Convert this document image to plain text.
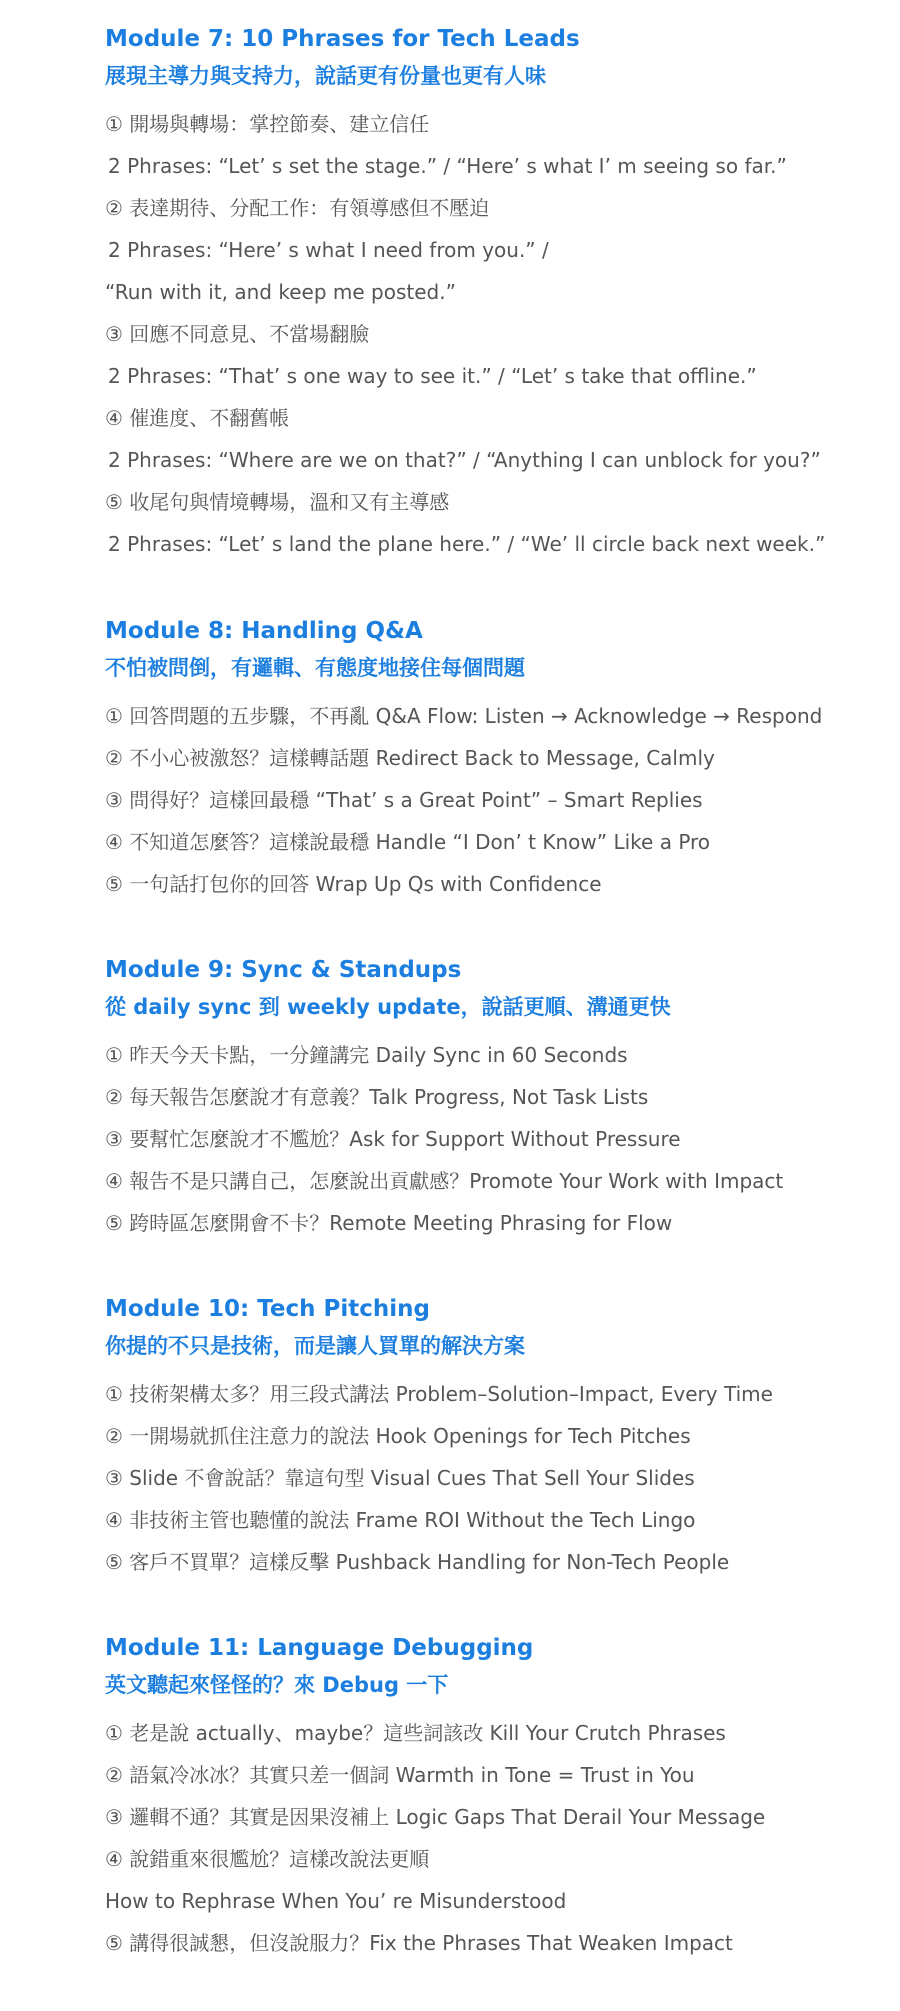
Module 7: 10 Phrases for Tech Leads
展現主導力與支持力，說話更有份量也更有人味
① 開場與轉場：掌控節奏、建立信任
2 Phrases: “Let’ s set the stage.” / “Here’ s what I’ m seeing so far.”
② 表達期待、分配工作：有領導感但不壓迫
2 Phrases: “Here’ s what I need from you.” /
“Run with it, and keep me posted.”
③ 回應不同意見、不當場翻臉
2 Phrases: “That’ s one way to see it.” / “Let’ s take that offline.”
④ 催進度、不翻舊帳
2 Phrases: “Where are we on that?” / “Anything I can unblock for you?”
⑤ 收尾句與情境轉場，溫和又有主導感
2 Phrases: “Let’ s land the plane here.” / “We’ ll circle back next week.”
Module 8: Handling Q&A
不怕被問倒，有邏輯、有態度地接住每個問題
① 回答問題的五步驟，不再亂 Q&A Flow: Listen → Acknowledge → Respond
② 不小心被激怒？這樣轉話題 Redirect Back to Message, Calmly
③ 問得好？這樣回最穩 “That’ s a Great Point” – Smart Replies
④ 不知道怎麼答？這樣說最穩 Handle “I Don’ t Know” Like a Pro
⑤ 一句話打包你的回答 Wrap Up Qs with Confidence
Module 9: Sync & Standups
從 daily sync 到 weekly update，說話更順、溝通更快
① 昨天今天卡點，一分鐘講完 Daily Sync in 60 Seconds
② 每天報告怎麼說才有意義？Talk Progress, Not Task Lists
③ 要幫忙怎麼說才不尷尬？Ask for Support Without Pressure
④ 報告不是只講自己，怎麼說出貢獻感？Promote Your Work with Impact
⑤ 跨時區怎麼開會不卡？Remote Meeting Phrasing for Flow
Module 10: Tech Pitching
你提的不只是技術，而是讓人買單的解決方案
① 技術架構太多？用三段式講法 Problem–Solution–Impact, Every Time
② 一開場就抓住注意力的說法 Hook Openings for Tech Pitches
③ Slide 不會說話？靠這句型 Visual Cues That Sell Your Slides
④ 非技術主管也聽懂的說法 Frame ROI Without the Tech Lingo
⑤ 客戶不買單？這樣反擊 Pushback Handling for Non-Tech People
Module 11: Language Debugging
英文聽起來怪怪的？來 Debug 一下
① 老是說 actually、maybe？這些詞該改 Kill Your Crutch Phrases
② 語氣冷冰冰？其實只差一個詞 Warmth in Tone = Trust in You
③ 邏輯不通？其實是因果沒補上 Logic Gaps That Derail Your Message
④ 說錯重來很尷尬？這樣改說法更順
How to Rephrase When You’ re Misunderstood
⑤ 講得很誠懇，但沒說服力？Fix the Phrases That Weaken Impact
